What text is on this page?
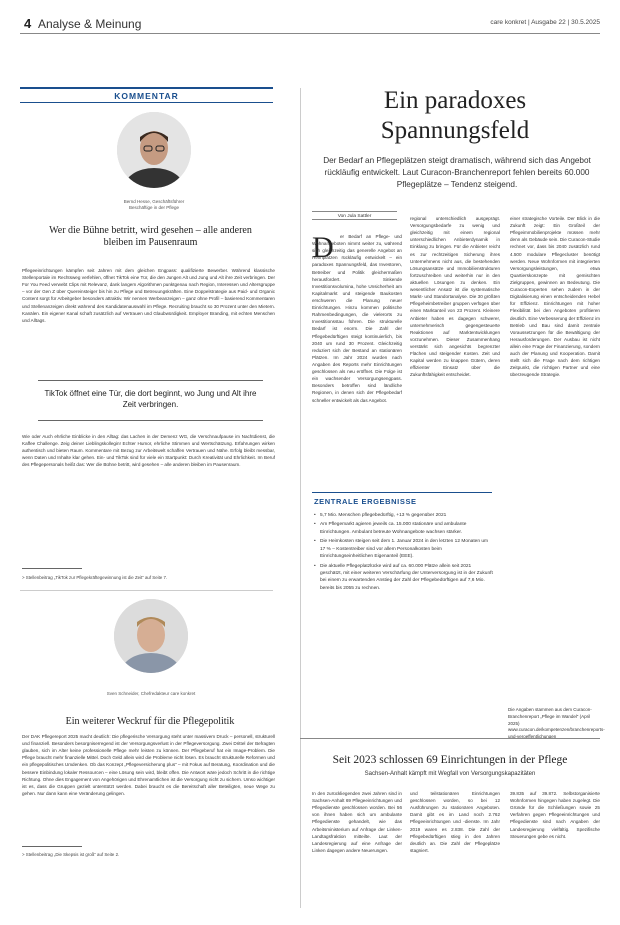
4 Analyse & Meinung	care konkret | Ausgabe 22 | 30.5.2025
KOMMENTAR
Bernd Hesse, Geschäftsführer
Beschäftige in der Pflege
Wer die Bühne betritt, wird gesehen – alle anderen bleiben im Pausenraum
Pflegeeinrichtungen kämpfen seit Jahren mit dem gleichen Engpass: qualifizierte Bewerber. Während klassische Stellenportale im Rechtsweg verfehlen, öffnet TikTok eine Tür, die den Jungen Alt und Jung und Alt ihre Zeit verbringen. Der For You Feed verwebt Clips mit Relevanz, dank langem Algorithmen punktgenau nach Region, Interessen und Altersgruppe – vor der Gen Z über Quereinsteiger bis hin zu Pflege und Betreuungskräften. Eine Doppelstrategie aus Paid- und Organic Content sorgt für Arbeitgeber besonders attraktiv. Wir nennen Werbeanzeigen – ganz ohne Profil – basierend Kommentaren und Stellenanzeigen direkt während des Kandidatenauswahl im Pflege. Recruiting braucht so 30 Prozent unter den Mietern. Kanälen. Ein eigener Kanal schaft zusätzlich auf Vertrauen und Glaubwürdigkeit. Employer Branding, mit echten Menschen und Alltags.
TikTok öffnet eine Tür, die dort beginnt, wo Jung und Alt ihre Zeit verbringen.
Wie oder Auch ehrliche Einblicke in den Alltag: das Lachen in der Demenz WG, die Verschnaufpause im Nachtdienst, die Kaffee Challenge. Zeig deiner Lieblingskollegin! Echter Humor, ehrliche Stimmen und Wertschätzung. Erfahrungen wirken authentisch und bieten Raum. Kommentare mit Bezug zur Arbeitswelt schaffen Vertrauen und Nähe. Erfolg bleibt messbar, wenn Daten und Inhalte klar gehen. Ein- und TikTok sind für viele ein Startpunkt: Durch Kreativität und Ehrlichkeit. Im Beruf des Pflegepersonals heißt das: Wer die Bühne betritt, wird gesehen – alle anderen bleiben im Pausenraum.
> Stellenbeitrag „TikTok zur Pflegekräftegewinnung ist die Zeit“ auf Seite 7.
Sven Schneider, Chefredakteur care konkret
Ein weiterer Weckruf für die Pflegepolitik
Der DAK Pflegereport 2025 macht deutlich: Die pflegerische Versorgung steht unter massivem Druck – personell, strukturell und finanziell. Besonders besorgniserregend ist der Versorgungsverlust in der Pflegeversorgung. Zwei Drittel der Befragten glauben, sich im Alter keine professionelle Pflege mehr leisten zu können. Der Pflegeberuf hat ein Image-Problem. Die Pflege braucht mehr finanzielle Mittel. Doch Geld allein wird die Probleme nicht lösen. Es braucht strukturelle Reformen und ein pflegepolitisches Umdenken. Ob das Konzept „Pflegeversicherung plus“ – mit Fokus auf Beratung, Koordination und die bessere Einbindung lokaler Ressourcen – eine Lösung sein wird, bleibt offen. Die Antwort wäre jedoch Schritt in die richtige Richtung. Ohne dies Engagement von Angehörigen und Ehrenamtlichen ist die Versorgung nicht zu sichern. Umso wichtiger ist es, dass die Gruppen gezielt unterstützt werden. Dabei braucht es die Bereitschaft aller Beteiligten, neue Wege zu gehen. Nur dann kann eine Veränderung gelingen.
> Stellenbeitrag „Die Skepsis ist groß“ auf Seite 2.
Ein paradoxes Spannungsfeld
Der Bedarf an Pflegeplätzen steigt dramatisch, während sich das Angebot rückläufig entwickelt. Laut Curacon-Branchenreport fehlen bereits 60.000 Pflegeplätze – Tendenz steigend.
Von Jula Sattler
D	er Bedarf an Pflege- und Wohnangeboten nimmt weiter zu, während sich gleichzeitig das generelle Angebot an Heimplätzen rückläufig entwickelt – ein paradoxes Spannungsfeld, das Investoren, Betreiber und Politik gleichermaßen herausfordert. Sinkende Investitionsvolumina, hohe Unsicherheit am Kapitalmarkt und steigende Baukosten erschweren die Planung neuer Einrichtungen. Hinzu kommen politische Rahmenbedingungen, die vielerorts zu Investitionsstau führen. Die strukturelle Bedarf ist enorm. Die Zahl der Pflegebedürftigen steigt kontinuierlich, bis 2040 um rund 30 Prozent. Gleichzeitig reduziert sich der Bestand an stationären Plätzen. Im Jahr 2024 wurden nach Angaben des Reports mehr Einrichtungen geschlossen als neu eröffnet. Die Folge ist ein wachsender Versorgungsengpass. Besonders betroffen sind ländliche Regionen, in denen sich der Pflegebedarf schneller entwickelt als das Angebot.
regional unterschiedlich ausgeprägt. Versorgungsbedarfe zu wenig und gleichzeitig mit einem regional unterschiedlichen Anbieterdynamik in Einklang zu bringen. Für die Anbieter reicht es zur rechtzeitigen Sicherung ihres Unternehmens nicht aus, die bestehenden Lösungsansätze und Immobilienstrukturen fortzuschreiben und weiterhin nur in den aktuellen Lösungen zu denken. Ein wesentlicher Ansatz ist die systematische Markt- und Standortanalyse. Die 30 größten Pflegeheimbetreiber gruppen verfügen über einen Marktanteil von 23 Prozent. Kleinere Anbieter haben es dagegen schwerer, unternehmerisch gegengesteuerte Reaktionen auf Marktentwicklungen vorzunehmen. Dieser Zusammenhang verstärkt sich angesichts begrenzter Flächen und steigender Kosten. Zeit und Kapital werden zu knappen Gütern, deren effizienter Einsatz über die Zukunftsfähigkeit entscheidet.
einer strategische Vorteile. Der Blick in die Zukunft zeigt: Ein Großteil der Pflegeimmobilienprojekte müssen mehr denn als Gebäude sein. Die Curacon-Studie rechnet vor, dass bis 2040 zusätzlich rund 4.500 modulare Pflegecluster benötigt werden. Neue Wohnformen mit integrierten Versorgungsleistungen, etwa Quartierskonzepte mit gemischten Zielgruppen, gewinnen an Bedeutung. Die Curacon-Experten sehen zudem in der Digitalisierung einen entscheidenden Hebel für Effizienz. Einrichtungen mit hoher Flexibilität bei den Angeboten profitieren deutlich. Eine Verbesserung der Effizienz im Betrieb und Bau sind damit zentrale Voraussetzungen für die Bewältigung der Herausforderungen. Der Ausbau ist nicht allein eine Frage der Finanzierung, sondern auch der Planung und Kooperation. Damit stellt sich die Frage nach dem richtigen Zeitpunkt, die richtigen Partner und eine überzeugende Strategie.
ZENTRALE ERGEBNISSE
• 5,7 Mio. Menschen pflegebedürftig, +13 % gegenüber 2021
• Am Pflegemarkt agieren jeweils ca. 15.000 stationäre und ambulante Einrichtungen. Ambulant betreute Wohnangebote wachsen stärker.
• Die Heimkosten steigen seit dem 1. Januar 2024 in den letzten 12 Monaten um 17 % – Kostentreiber sind vor allem Personalkosten beim Einrichtungseinheitlichen Eigenanteil (EEE).
• Die aktuelle Pflegeplatzlücke wird auf ca. 60.000 Plätze allein seit 2021 geschätzt, mit einer weiteren Verschärfung der Unterversorgung ist in der Zukunft bei einem zu erwartenden Anstieg der Zahl der Pflegebedürftigen auf 7,6 Mio. bereits bis 2055 zu rechnen.
Die Angaben stammen aus dem Curacon-Branchenreport „Pflege im Wandel“ (April 2025) www.curacon.de/kompetenzen/branchenreports-und-veroeffentlichungen
Seit 2023 schlossen 69 Einrichtungen in der Pflege
Sachsen-Anhalt kämpft mit Wegfall von Versorgungskapazitäten
In den zurückliegenden zwei Jahren sind in Sachsen-Anhalt 69 Pflegeeinrichtungen und Pflegedienste geschlossen worden. Bei 56 von ihnen haben sich um ambulante Pflegedienste gehandelt, wie das Arbeitsministerium auf Anfrage der Linken-Landtagsfraktion mitteilte. Laut der Landesregierung auf eine Anfrage der Linken dagegen andere Neuerungen.
und teilstationären Einrichtungen geschlossen worden, so bei 12 Ausführungen zu stationären Angeboten. Damit gibt es im Land noch 2.762 Pflegeeinrichtungen und -dienste. Im Jahr 2019 waren es 2.838. Die Zahl der Pflegebedürftigen stieg in den Jahren deutlich an. Die Zahl der Pflegeplätze stagniert.
39.835 auf 39.872. Selbstorganisierte Wohnformen hingegen haben zugelegt. Die Gründe für die Schließungen sowie 25 Verfahren gegen Pflegeeinrichtungen und Pflegedienste sind nach Angaben der Landesregierung vielfältig. Spezifische Steuerungen gebe es nicht.
